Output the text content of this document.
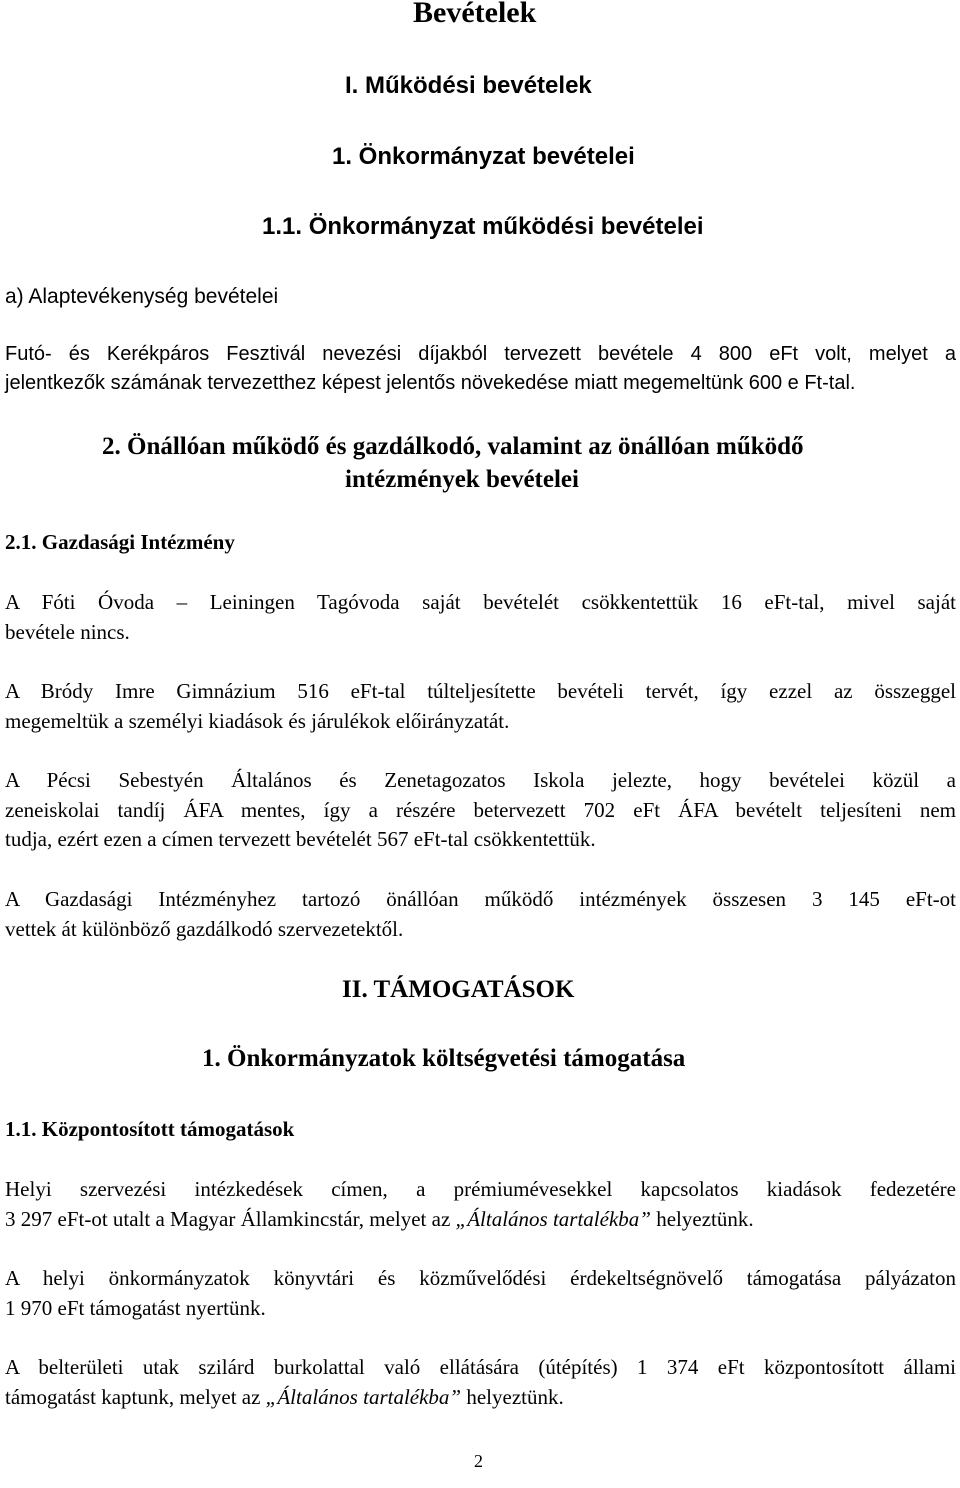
Bevételek
I. Működési bevételek
1. Önkormányzat bevételei
1.1. Önkormányzat működési bevételei
a) Alaptevékenység bevételei
Futó- és Kerékpáros Fesztivál nevezési díjakból tervezett bevétele 4 800 eFt volt, melyet a
jelentkezők számának tervezetthez képest jelentős növekedése miatt megemeltünk 600 e Ft-tal.
2. Önállóan működő és gazdálkodó, valamint az önállóan működő
intézmények bevételei
2.1. Gazdasági Intézmény
A Fóti Óvoda – Leiningen Tagóvoda saját bevételét csökkentettük 16 eFt-tal, mivel saját
bevétele nincs.
A Bródy Imre Gimnázium 516 eFt-tal túlteljesítette bevételi tervét, így ezzel az összeggel
megemeltük a személyi kiadások és járulékok előirányzatát.
A Pécsi Sebestyén Általános és Zenetagozatos Iskola jelezte, hogy bevételei közül a
zeneiskolai tandíj ÁFA mentes, így a részére betervezett 702 eFt ÁFA bevételt teljesíteni nem
tudja, ezért ezen a címen tervezett bevételét 567 eFt-tal csökkentettük.
A Gazdasági Intézményhez tartozó önállóan működő intézmények összesen 3 145 eFt-ot
vettek át különböző gazdálkodó szervezetektől.
II. TÁMOGATÁSOK
1. Önkormányzatok költségvetési támogatása
1.1. Központosított támogatások
Helyi szervezési intézkedések címen, a prémiumévesekkel kapcsolatos kiadások fedezetére
3 297 eFt-ot utalt a Magyar Államkincstár, melyet az „Általános tartalékba” helyeztünk.
A helyi önkormányzatok könyvtári és közművelődési érdekeltségnövelő támogatása pályázaton
1 970 eFt támogatást nyertünk.
A belterületi utak szilárd burkolattal való ellátására (útépítés) 1 374 eFt központosított állami
támogatást kaptunk, melyet az „Általános tartalékba” helyeztünk.
2
